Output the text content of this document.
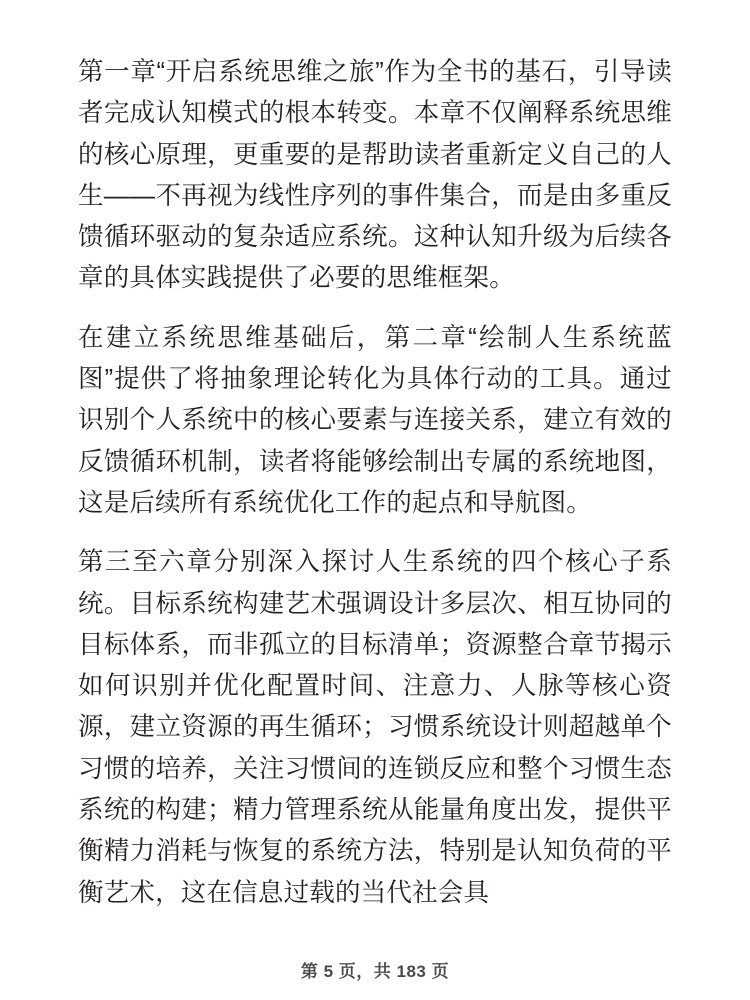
第一章“开启系统思维之旅”作为全书的基石，引导读者完成认知模式的根本转变。本章不仅阐释系统思维的核心原理，更重要的是帮助读者重新定义自己的人生——不再视为线性序列的事件集合，而是由多重反馈循环驱动的复杂适应系统。这种认知升级为后续各章的具体实践提供了必要的思维框架。

在建立系统思维基础后，第二章“绘制人生系统蓝图”提供了将抽象理论转化为具体行动的工具。通过识别个人系统中的核心要素与连接关系，建立有效的反馈循环机制，读者将能够绘制出专属的系统地图，这是后续所有系统优化工作的起点和导航图。

第三至六章分别深入探讨人生系统的四个核心子系统。目标系统构建艺术强调设计多层次、相互协同的目标体系，而非孤立的目标清单；资源整合章节揭示如何识别并优化配置时间、注意力、人脉等核心资源，建立资源的再生循环；习惯系统设计则超越单个习惯的培养，关注习惯间的连锁反应和整个习惯生态系统的构建；精力管理系统从能量角度出发，提供平衡精力消耗与恢复的系统方法，特别是认知负荷的平衡艺术，这在信息过载的当代社会具

第 5 页，共 183 页
